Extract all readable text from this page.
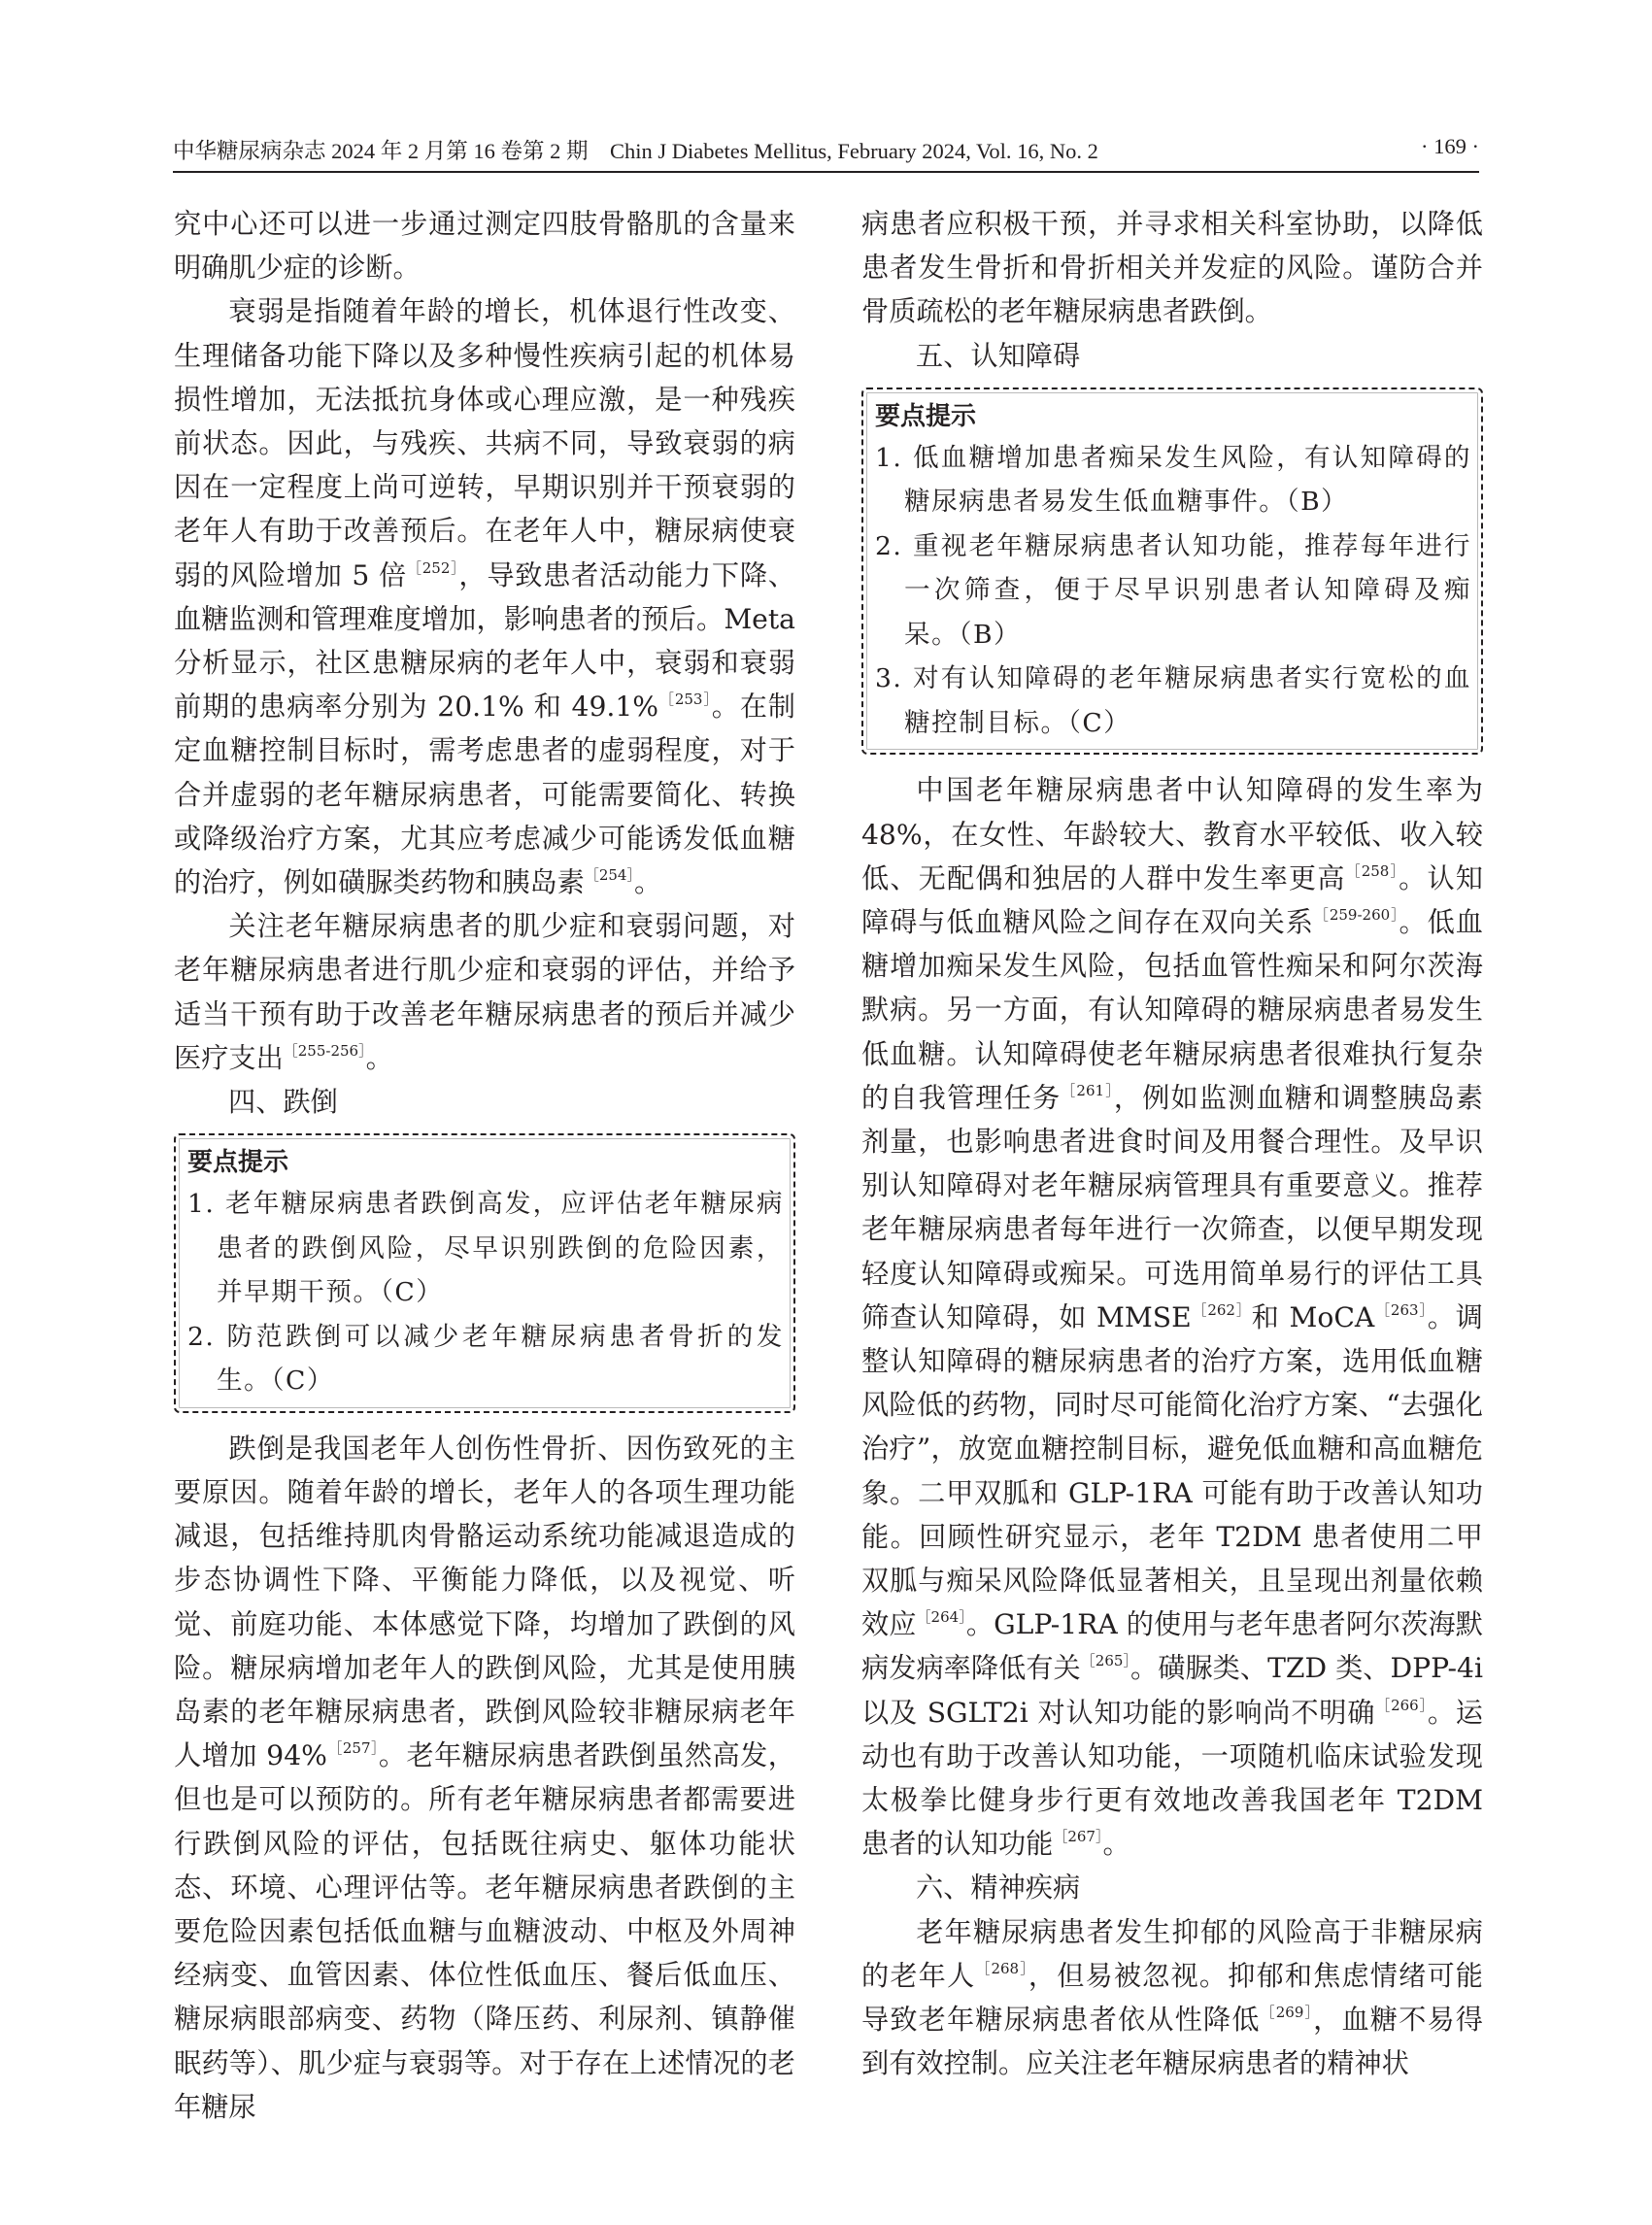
中华糖尿病杂志 2024 年 2 月第 16 卷第 2 期　Chin J Diabetes Mellitus, February 2024, Vol. 16, No. 2	· 169 ·

究中心还可以进一步通过测定四肢骨骼肌的含量来明确肌少症的诊断。

衰弱是指随着年龄的增长，机体退行性改变、生理储备功能下降以及多种慢性疾病引起的机体易损性增加，无法抵抗身体或心理应激，是一种残疾前状态。因此，与残疾、共病不同，导致衰弱的病因在一定程度上尚可逆转，早期识别并干预衰弱的老年人有助于改善预后。在老年人中，糖尿病使衰弱的风险增加 5 倍$^{[252]}$，导致患者活动能力下降、血糖监测和管理难度增加，影响患者的预后。Meta 分析显示，社区患糖尿病的老年人中，衰弱和衰弱前期的患病率分别为 20.1% 和 49.1%$^{[253]}$。在制定血糖控制目标时，需考虑患者的虚弱程度，对于合并虚弱的老年糖尿病患者，可能需要简化、转换或降级治疗方案，尤其应考虑减少可能诱发低血糖的治疗，例如磺脲类药物和胰岛素$^{[254]}$。

关注老年糖尿病患者的肌少症和衰弱问题，对老年糖尿病患者进行肌少症和衰弱的评估，并给予适当干预有助于改善老年糖尿病患者的预后并减少医疗支出$^{[255-256]}$。

四、跌倒

要点提示

1. 老年糖尿病患者跌倒高发，应评估老年糖尿病患者的跌倒风险，尽早识别跌倒的危险因素，并早期干预。（C）

2. 防范跌倒可以减少老年糖尿病患者骨折的发生。（C）

跌倒是我国老年人创伤性骨折、因伤致死的主要原因。随着年龄的增长，老年人的各项生理功能减退，包括维持肌肉骨骼运动系统功能减退造成的步态协调性下降、平衡能力降低，以及视觉、听觉、前庭功能、本体感觉下降，均增加了跌倒的风险。糖尿病增加老年人的跌倒风险，尤其是使用胰岛素的老年糖尿病患者，跌倒风险较非糖尿病老年人增加 94%$^{[257]}$。老年糖尿病患者跌倒虽然高发，但也是可以预防的。所有老年糖尿病患者都需要进行跌倒风险的评估，包括既往病史、躯体功能状态、环境、心理评估等。老年糖尿病患者跌倒的主要危险因素包括低血糖与血糖波动、中枢及外周神经病变、血管因素、体位性低血压、餐后低血压、糖尿病眼部病变、药物（降压药、利尿剂、镇静催眠药等）、肌少症与衰弱等。对于存在上述情况的老年糖尿

病患者应积极干预，并寻求相关科室协助，以降低患者发生骨折和骨折相关并发症的风险。谨防合并骨质疏松的老年糖尿病患者跌倒。

五、认知障碍

要点提示

1. 低血糖增加患者痴呆发生风险，有认知障碍的糖尿病患者易发生低血糖事件。（B）

2. 重视老年糖尿病患者认知功能，推荐每年进行一次筛查，便于尽早识别患者认知障碍及痴呆。（B）

3. 对有认知障碍的老年糖尿病患者实行宽松的血糖控制目标。（C）

中国老年糖尿病患者中认知障碍的发生率为 48%，在女性、年龄较大、教育水平较低、收入较低、无配偶和独居的人群中发生率更高$^{[258]}$。认知障碍与低血糖风险之间存在双向关系$^{[259-260]}$。低血糖增加痴呆发生风险，包括血管性痴呆和阿尔茨海默病。另一方面，有认知障碍的糖尿病患者易发生低血糖。认知障碍使老年糖尿病患者很难执行复杂的自我管理任务$^{[261]}$，例如监测血糖和调整胰岛素剂量，也影响患者进食时间及用餐合理性。及早识别认知障碍对老年糖尿病管理具有重要意义。推荐老年糖尿病患者每年进行一次筛查，以便早期发现轻度认知障碍或痴呆。可选用简单易行的评估工具筛查认知障碍，如 $MMSE^{[262]}$和 MoCA$^{[263]}$。调整认知障碍的糖尿病患者的治疗方案，选用低血糖风险低的药物，同时尽可能简化治疗方案、“去强化治疗”，放宽血糖控制目标，避免低血糖和高血糖危象。二甲双胍和 GLP-1RA 可能有助于改善认知功能。回顾性研究显示，老年 T2DM 患者使用二甲双胍与痴呆风险降低显著相关，且呈现出剂量依赖效应$^{[264]}$。GLP-1RA 的使用与老年患者阿尔茨海默病发病率降低有关$^{[265]}$。磺脲类、TZD 类、DPP-4i 以及 SGLT2i 对认知功能的影响尚不明确$^{[266]}$。运动也有助于改善认知功能，一项随机临床试验发现太极拳比健身步行更有效地改善我国老年 T2DM 患者的认知功能$^{[267]}$。

六、精神疾病

老年糖尿病患者发生抑郁的风险高于非糖尿病的老年人$^{[268]}$，但易被忽视。抑郁和焦虑情绪可能导致老年糖尿病患者依从性降低$^{[269]}$，血糖不易得到有效控制。应关注老年糖尿病患者的精神状
